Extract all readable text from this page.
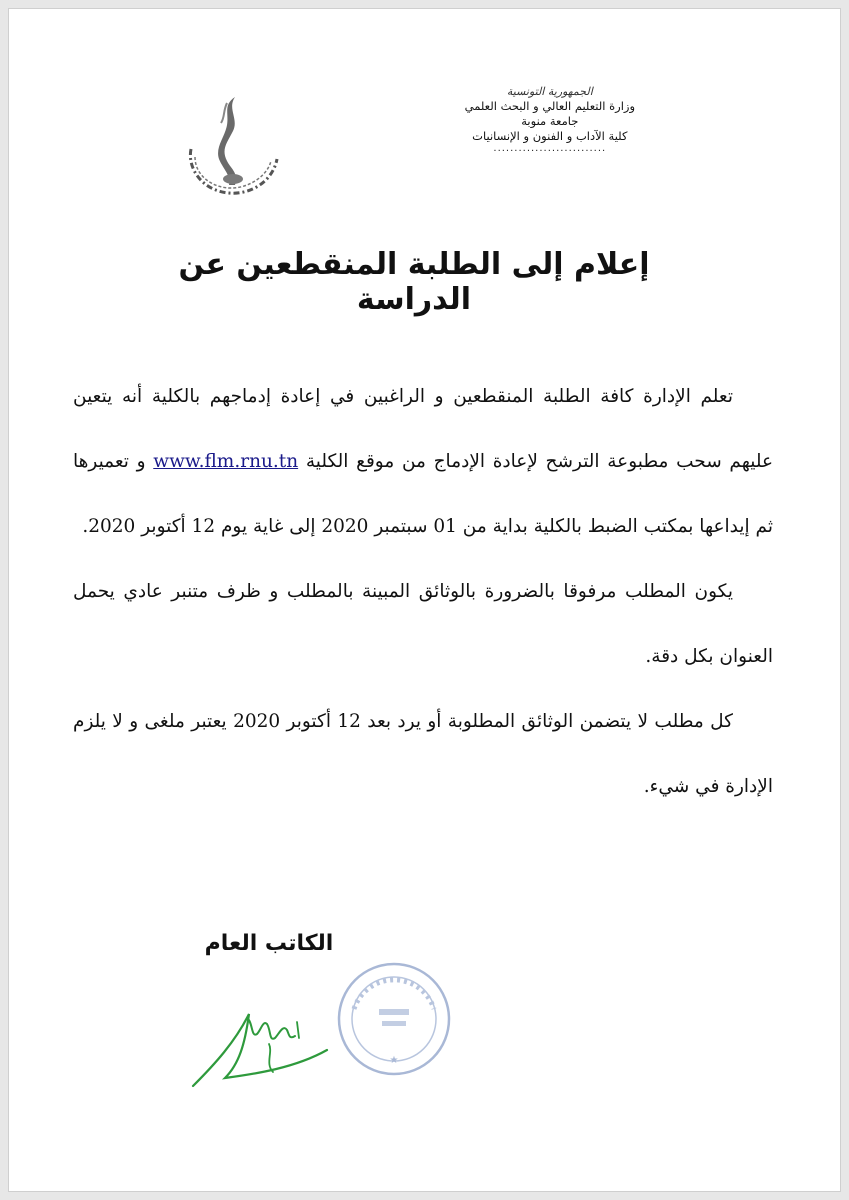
الجمهورية التونسية
وزارة التعليم العالي و البحث العلمي
جامعة منوبة
كلية الآداب و الفنون و الإنسانيات
...........................
إعلام إلى الطلبة المنقطعين عن الدراسة

تعلم الإدارة كافة الطلبة المنقطعين و الراغبين في إعادة إدماجهم بالكلية أنه يتعين عليهم سحب مطبوعة الترشح لإعادة الإدماج من موقع الكلية www.flm.rnu.tn و تعميرها ثم إيداعها بمكتب الضبط بالكلية بداية من 01 سبتمبر 2020 إلى غاية يوم 12 أكتوبر 2020.

يكون المطلب مرفوقا بالضرورة بالوثائق المبينة بالمطلب و ظرف متنبر عادي يحمل العنوان بكل دقة.

كل مطلب لا يتضمن الوثائق المطلوبة أو يرد بعد 12 أكتوبر 2020 يعتبر ملغى و لا يلزم الإدارة في شيء.

الكاتب العام
★
